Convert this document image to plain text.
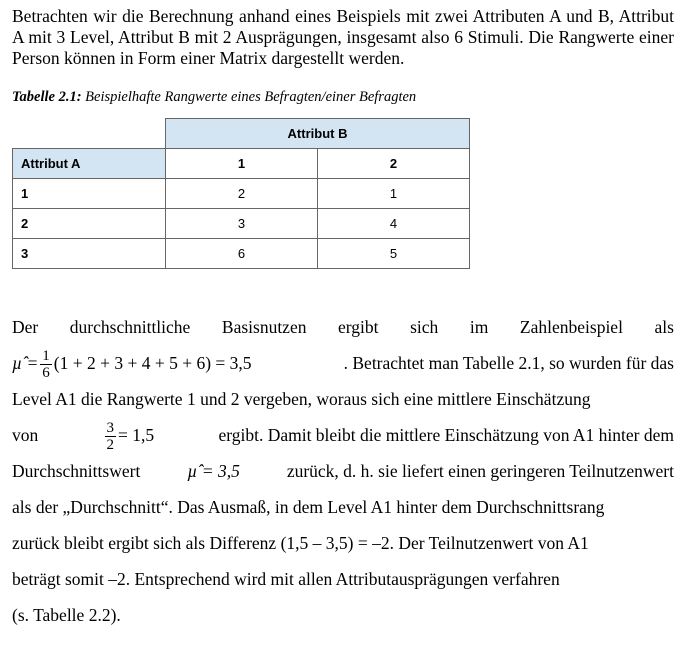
Betrachten wir die Berechnung anhand eines Beispiels mit zwei Attributen A und B, Attribut A mit 3 Level, Attribut B mit 2 Ausprägungen, insgesamt also 6 Stimuli. Die Rangwerte einer Person können in Form einer Matrix dargestellt werden.

Tabelle 2.1: Beispielhafte Rangwerte eines Befragten/einer Befragten

	Attribut B	
Attribut A	1	2
1	2	1
2	3	4
3	6	5
Der durchschnittliche Basisnutzen ergibt sich im Zahlenbeispiel als
µ̂ = $\frac{1}{6} (1 + 2 + 3 + 4 + 5 + 6) = 3,5$	. Betrachtet man Tabelle 2.1, so wurden für das
Level A1 die Rangwerte 1 und 2 vergeben, woraus sich eine mittlere Einschätzung
von	$\frac{3}{2} = 1,5$	ergibt. Damit bleibt die mittlere Einschätzung von A1 hinter dem
Durchschnittswert	µ̂ = 3,5	zurück, d. h. sie liefert einen geringeren Teilnutzenwert
als der „Durchschnitt“. Das Ausmaß, in dem Level A1 hinter dem Durchschnittsrang
zurück bleibt ergibt sich als Differenz (1,5 – 3,5) = –2. Der Teilnutzenwert von A1
beträgt somit –2. Entsprechend wird mit allen Attributausprägungen verfahren
(s. Tabelle 2.2).
